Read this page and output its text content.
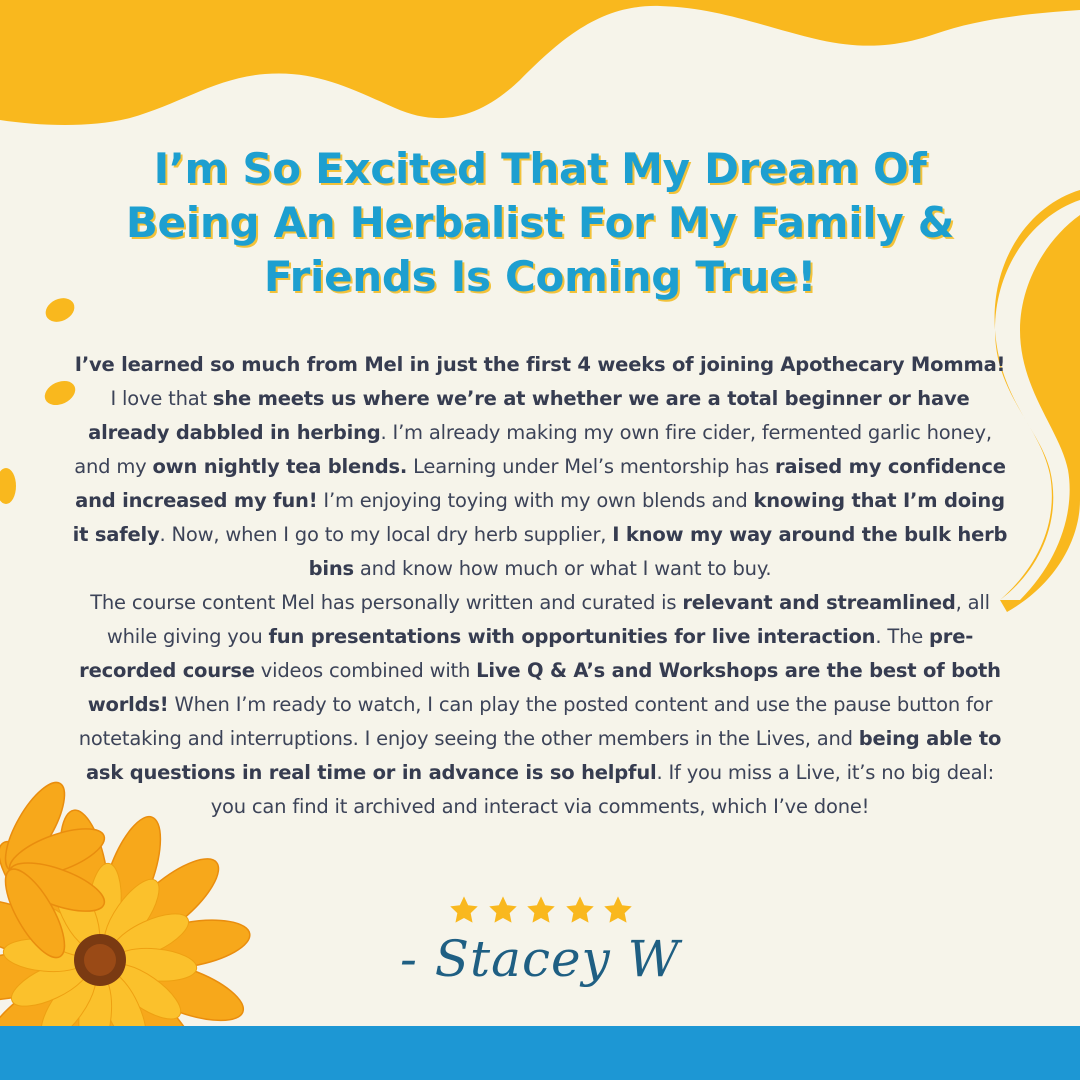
I’m So Excited That My Dream Of
Being An Herbalist For My Family &
Friends Is Coming True!

I’ve learned so much from Mel in just the first 4 weeks of joining Apothecary Momma! I love that she meets us where we’re at whether we are a total beginner or have already dabbled in herbing. I’m already making my own fire cider, fermented garlic honey, and my own nightly tea blends. Learning under Mel’s mentorship has raised my confidence and increased my fun! I’m enjoying toying with my own blends and knowing that I’m doing it safely. Now, when I go to my local dry herb supplier, I know my way around the bulk herb bins and know how much or what I want to buy.

The course content Mel has personally written and curated is relevant and streamlined, all while giving you fun presentations with opportunities for live interaction. The pre-recorded course videos combined with Live Q & A’s and Workshops are the best of both worlds! When I’m ready to watch, I can play the posted content and use the pause button for notetaking and interruptions. I enjoy seeing the other members in the Lives, and being able to ask questions in real time or in advance is so helpful. If you miss a Live, it’s no big deal: you can find it archived and interact via comments, which I’ve done!

- Stacey W
